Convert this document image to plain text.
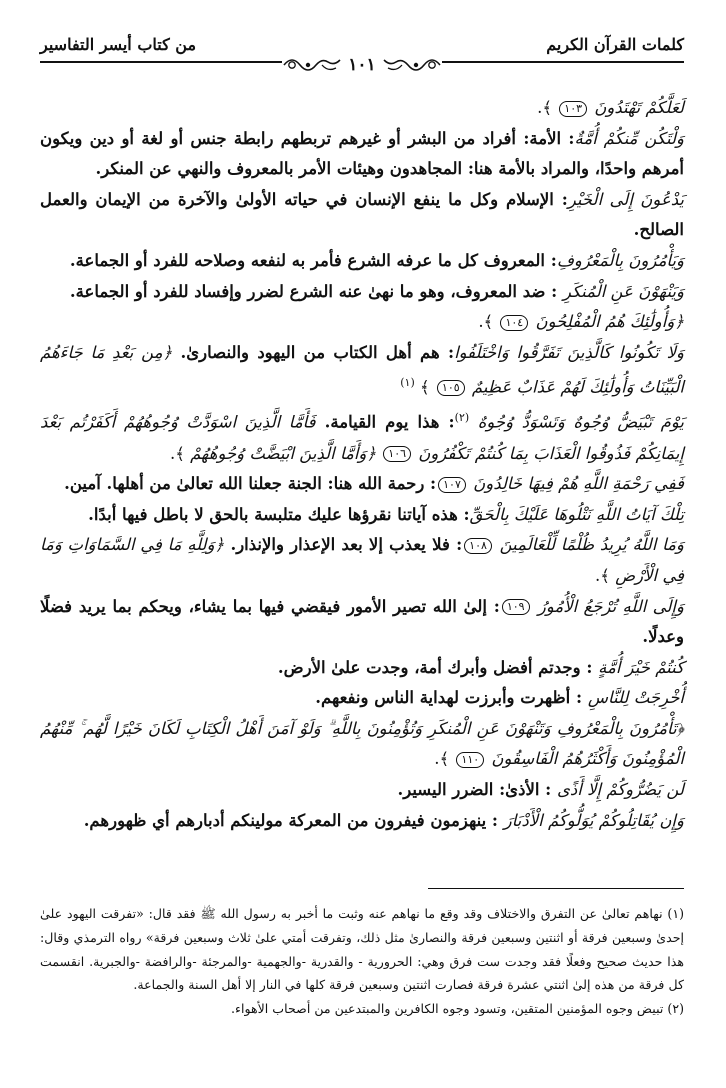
كلمات القرآن الكريم
من كتاب أيسر التفاسير
١٠١

لَعَلَّكُمْ تَهْتَدُونَ ١٠٣ ﴾.

وَلْتَكُن مِّنكُمْ أُمَّةٌ: الأمة: أفراد من البشر أو غيرهم تربطهم رابطة جنس أو لغة أو دين ويكون أمرهم واحدًا، والمراد بالأمة هنا: المجاهدون وهيئات الأمر بالمعروف والنهي عن المنكر.

يَدْعُونَ إِلَى الْخَيْرِ: الإسلام وكل ما ينفع الإنسان في حياته الأولىٰ والآخرة من الإيمان والعمل الصالح.

وَيَأْمُرُونَ بِالْمَعْرُوفِ: المعروف كل ما عرفه الشرع فأمر به لنفعه وصلاحه للفرد أو الجماعة.

وَيَنْهَوْنَ عَنِ الْمُنكَرِ : ضد المعروف، وهو ما نهىٰ عنه الشرع لضرر وإفساد للفرد أو الجماعة.

﴿وَأُولَٰئِكَ هُمُ الْمُفْلِحُونَ ١٠٤ ﴾.

وَلَا تَكُونُوا كَالَّذِينَ تَفَرَّقُوا وَاخْتَلَفُوا: هم أهل الكتاب من اليهود والنصارىٰ. ﴿مِن بَعْدِ مَا جَاءَهُمُ الْبَيِّنَاتُ وَأُولَٰئِكَ لَهُمْ عَذَابٌ عَظِيمٌ ١٠٥ ﴾ $^{(١)}$

يَوْمَ تَبْيَضُّ وُجُوهٌ وَتَسْوَدُّ وُجُوهٌ $^{(٢)}$: هذا يوم القيامة. فَأَمَّا الَّذِينَ اسْوَدَّتْ وُجُوهُهُمْ أَكَفَرْتُم بَعْدَ إِيمَانِكُمْ فَذُوقُوا الْعَذَابَ بِمَا كُنتُمْ تَكْفُرُونَ ١٠٦ ﴿وَأَمَّا الَّذِينَ ابْيَضَّتْ وُجُوهُهُمْ ﴾.

فَفِي رَحْمَةِ اللَّهِ هُمْ فِيهَا خَالِدُونَ ١٠٧: رحمة الله هنا: الجنة جعلنا الله تعالىٰ من أهلها. آمين.

تِلْكَ آيَاتُ اللَّهِ نَتْلُوهَا عَلَيْكَ بِالْحَقِّ: هذه آياتنا نقرؤها عليك متلبسة بالحق لا باطل فيها أبدًا.

وَمَا اللَّهُ يُرِيدُ ظُلْمًا لِّلْعَالَمِينَ ١٠٨: فلا يعذب إلا بعد الإعذار والإنذار. ﴿وَلِلَّهِ مَا فِي السَّمَاوَاتِ وَمَا فِي الْأَرْضِ ﴾.

وَإِلَى اللَّهِ تُرْجَعُ الْأُمُورُ ١٠٩: إلىٰ الله تصير الأمور فيقضي فيها بما يشاء، ويحكم بما يريد فضلًا وعدلًا.

كُنتُمْ خَيْرَ أُمَّةٍ : وجدتم أفضل وأبرك أمة، وجدت علىٰ الأرض.

أُخْرِجَتْ لِلنَّاسِ : أظهرت وأبرزت لهداية الناس ونفعهم.

﴿تَأْمُرُونَ بِالْمَعْرُوفِ وَتَنْهَوْنَ عَنِ الْمُنكَرِ وَتُؤْمِنُونَ بِاللَّهِ ۗ وَلَوْ آمَنَ أَهْلُ الْكِتَابِ لَكَانَ خَيْرًا لَّهُم ۚ مِّنْهُمُ الْمُؤْمِنُونَ وَأَكْثَرُهُمُ الْفَاسِقُونَ ١١٠ ﴾.

لَن يَضُرُّوكُمْ إِلَّا أَذًى : الأذىٰ: الضرر اليسير.

وَإِن يُقَاتِلُوكُمْ يُوَلُّوكُمُ الْأَدْبَارَ : ينهزمون فيفرون من المعركة مولينكم أدبارهم أي ظهورهم.

(١) نهاهم تعالىٰ عن التفرق والاختلاف وقد وقع ما نهاهم عنه وثبت ما أخبر به رسول الله ﷺ فقد قال: «تفرقت اليهود علىٰ إحدىٰ وسبعين فرقة أو اثنتين وسبعين فرقة والنصارىٰ مثل ذلك، وتفرقت أمتي علىٰ ثلاث وسبعين فرقة» رواه الترمذي وقال: هذا حديث صحيح وفعلًا فقد وجدت ست فرق وهي: الحرورية - والقدرية -والجهمية -والمرجئة -والرافضة -والجبرية. انقسمت كل فرقة من هذه إلىٰ اثنتي عشرة فرقة فصارت اثنتين وسبعين فرقة كلها في النار إلا أهل السنة والجماعة.

(٢) تبيض وجوه المؤمنين المتقين، وتسود وجوه الكافرين والمبتدعين من أصحاب الأهواء.
